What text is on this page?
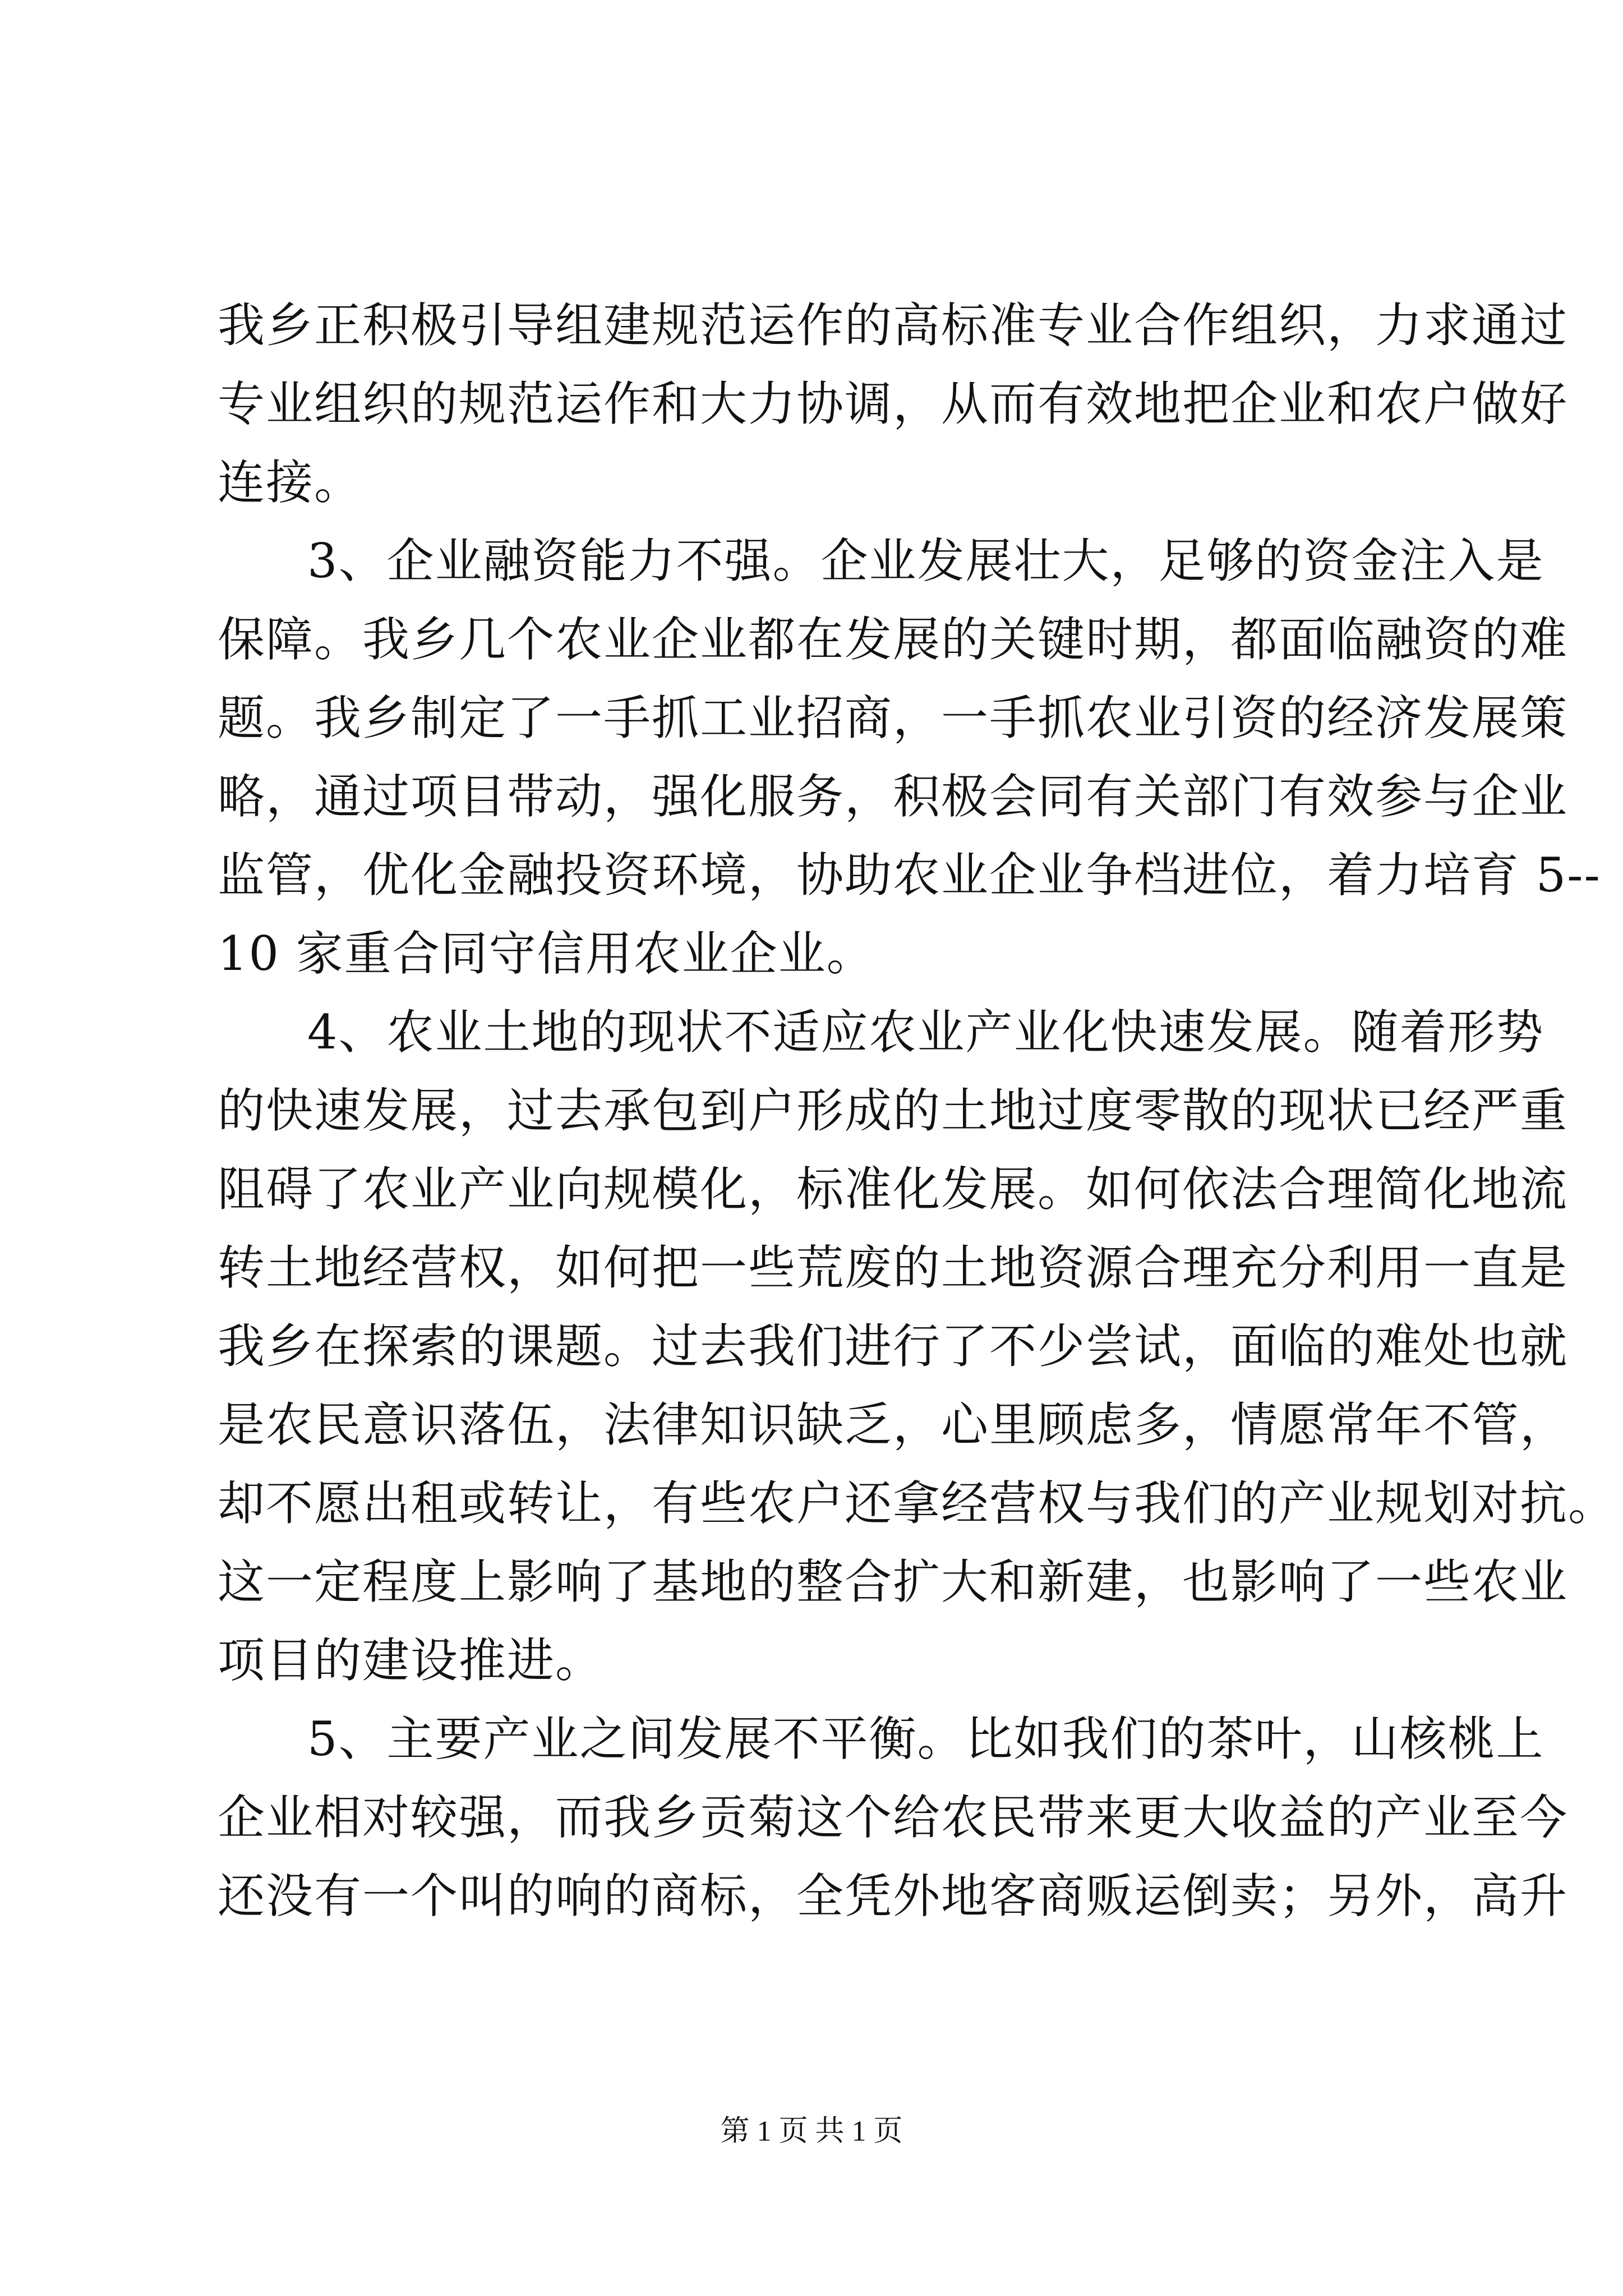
我乡正积极引导组建规范运作的高标准专业合作组织，力求通过
专业组织的规范运作和大力协调，从而有效地把企业和农户做好
连接。
3、企业融资能力不强。企业发展壮大，足够的资金注入是
保障。我乡几个农业企业都在发展的关键时期，都面临融资的难
题。我乡制定了一手抓工业招商，一手抓农业引资的经济发展策
略，通过项目带动，强化服务，积极会同有关部门有效参与企业
监管，优化金融投资环境，协助农业企业争档进位，着力培育 5--
10 家重合同守信用农业企业。
4、农业土地的现状不适应农业产业化快速发展。随着形势
的快速发展，过去承包到户形成的土地过度零散的现状已经严重
阻碍了农业产业向规模化，标准化发展。如何依法合理简化地流
转土地经营权，如何把一些荒废的土地资源合理充分利用一直是
我乡在探索的课题。过去我们进行了不少尝试，面临的难处也就
是农民意识落伍，法律知识缺乏，心里顾虑多，情愿常年不管，
却不愿出租或转让，有些农户还拿经营权与我们的产业规划对抗。
这一定程度上影响了基地的整合扩大和新建，也影响了一些农业
项目的建设推进。
5、主要产业之间发展不平衡。比如我们的茶叶，山核桃上
企业相对较强，而我乡贡菊这个给农民带来更大收益的产业至今
还没有一个叫的响的商标，全凭外地客商贩运倒卖；另外，高升
第 1 页 共 1 页
